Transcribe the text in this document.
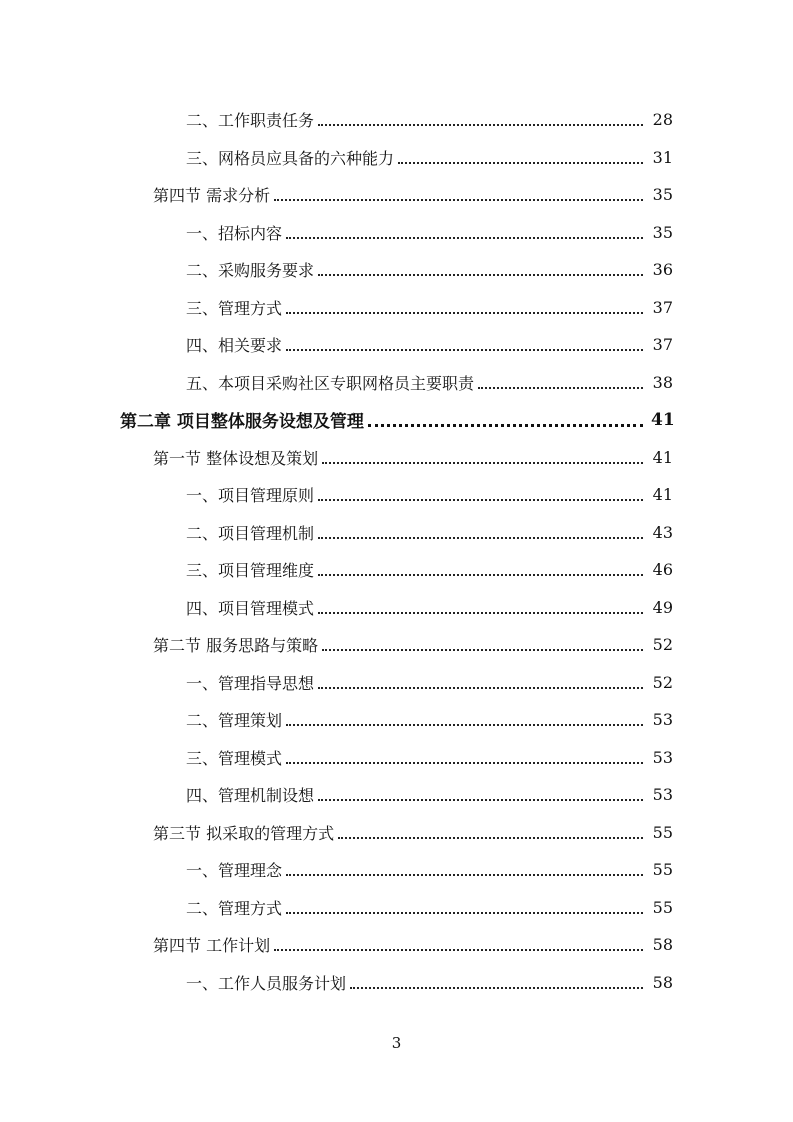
二、工作职责任务	28
三、网格员应具备的六种能力	31
第四节 需求分析	35
一、招标内容	35
二、采购服务要求	36
三、管理方式	37
四、相关要求	37
五、本项目采购社区专职网格员主要职责	38
第二章 项目整体服务设想及管理	41
第一节 整体设想及策划	41
一、项目管理原则	41
二、项目管理机制	43
三、项目管理维度	46
四、项目管理模式	49
第二节 服务思路与策略	52
一、管理指导思想	52
二、管理策划	53
三、管理模式	53
四、管理机制设想	53
第三节 拟采取的管理方式	55
一、管理理念	55
二、管理方式	55
第四节 工作计划	58
一、工作人员服务计划	58
3
